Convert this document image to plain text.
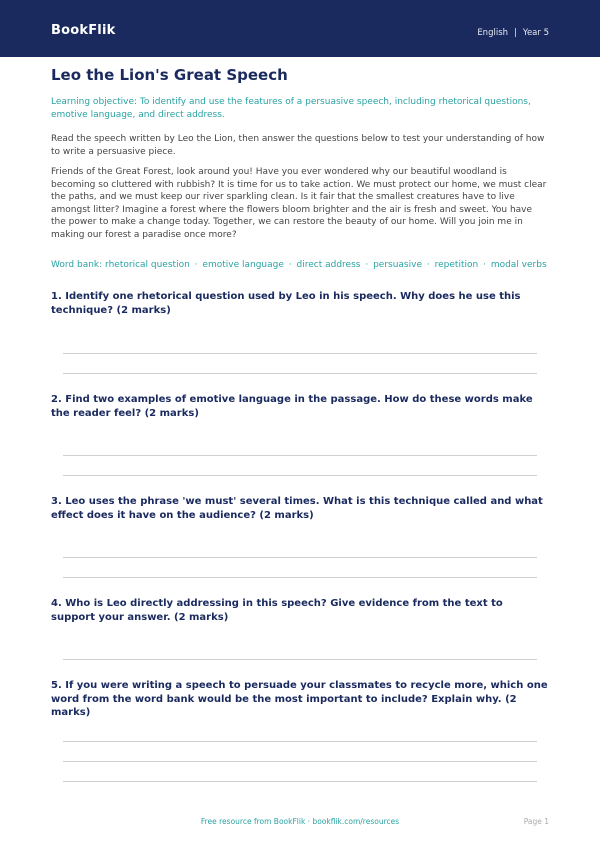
BookFlik	English | Year 5
Leo the Lion's Great Speech

Learning objective: To identify and use the features of a persuasive speech, including rhetorical questions, emotive language, and direct address.

Read the speech written by Leo the Lion, then answer the questions below to test your understanding of how to write a persuasive piece.

Friends of the Great Forest, look around you! Have you ever wondered why our beautiful woodland is becoming so cluttered with rubbish? It is time for us to take action. We must protect our home, we must clear the paths, and we must keep our river sparkling clean. Is it fair that the smallest creatures have to live amongst litter? Imagine a forest where the flowers bloom brighter and the air is fresh and sweet. You have the power to make a change today. Together, we can restore the beauty of our home. Will you join me in making our forest a paradise once more?

Word bank: rhetorical question · emotive language · direct address · persuasive · repetition · modal verbs

1. Identify one rhetorical question used by Leo in his speech. Why does he use this technique? (2 marks)

2. Find two examples of emotive language in the passage. How do these words make the reader feel? (2 marks)

3. Leo uses the phrase 'we must' several times. What is this technique called and what effect does it have on the audience? (2 marks)

4. Who is Leo directly addressing in this speech? Give evidence from the text to support your answer. (2 marks)

5. If you were writing a speech to persuade your classmates to recycle more, which one word from the word bank would be the most important to include? Explain why. (2 marks)

Free resource from BookFlik · bookflik.com/resources	Page 1
